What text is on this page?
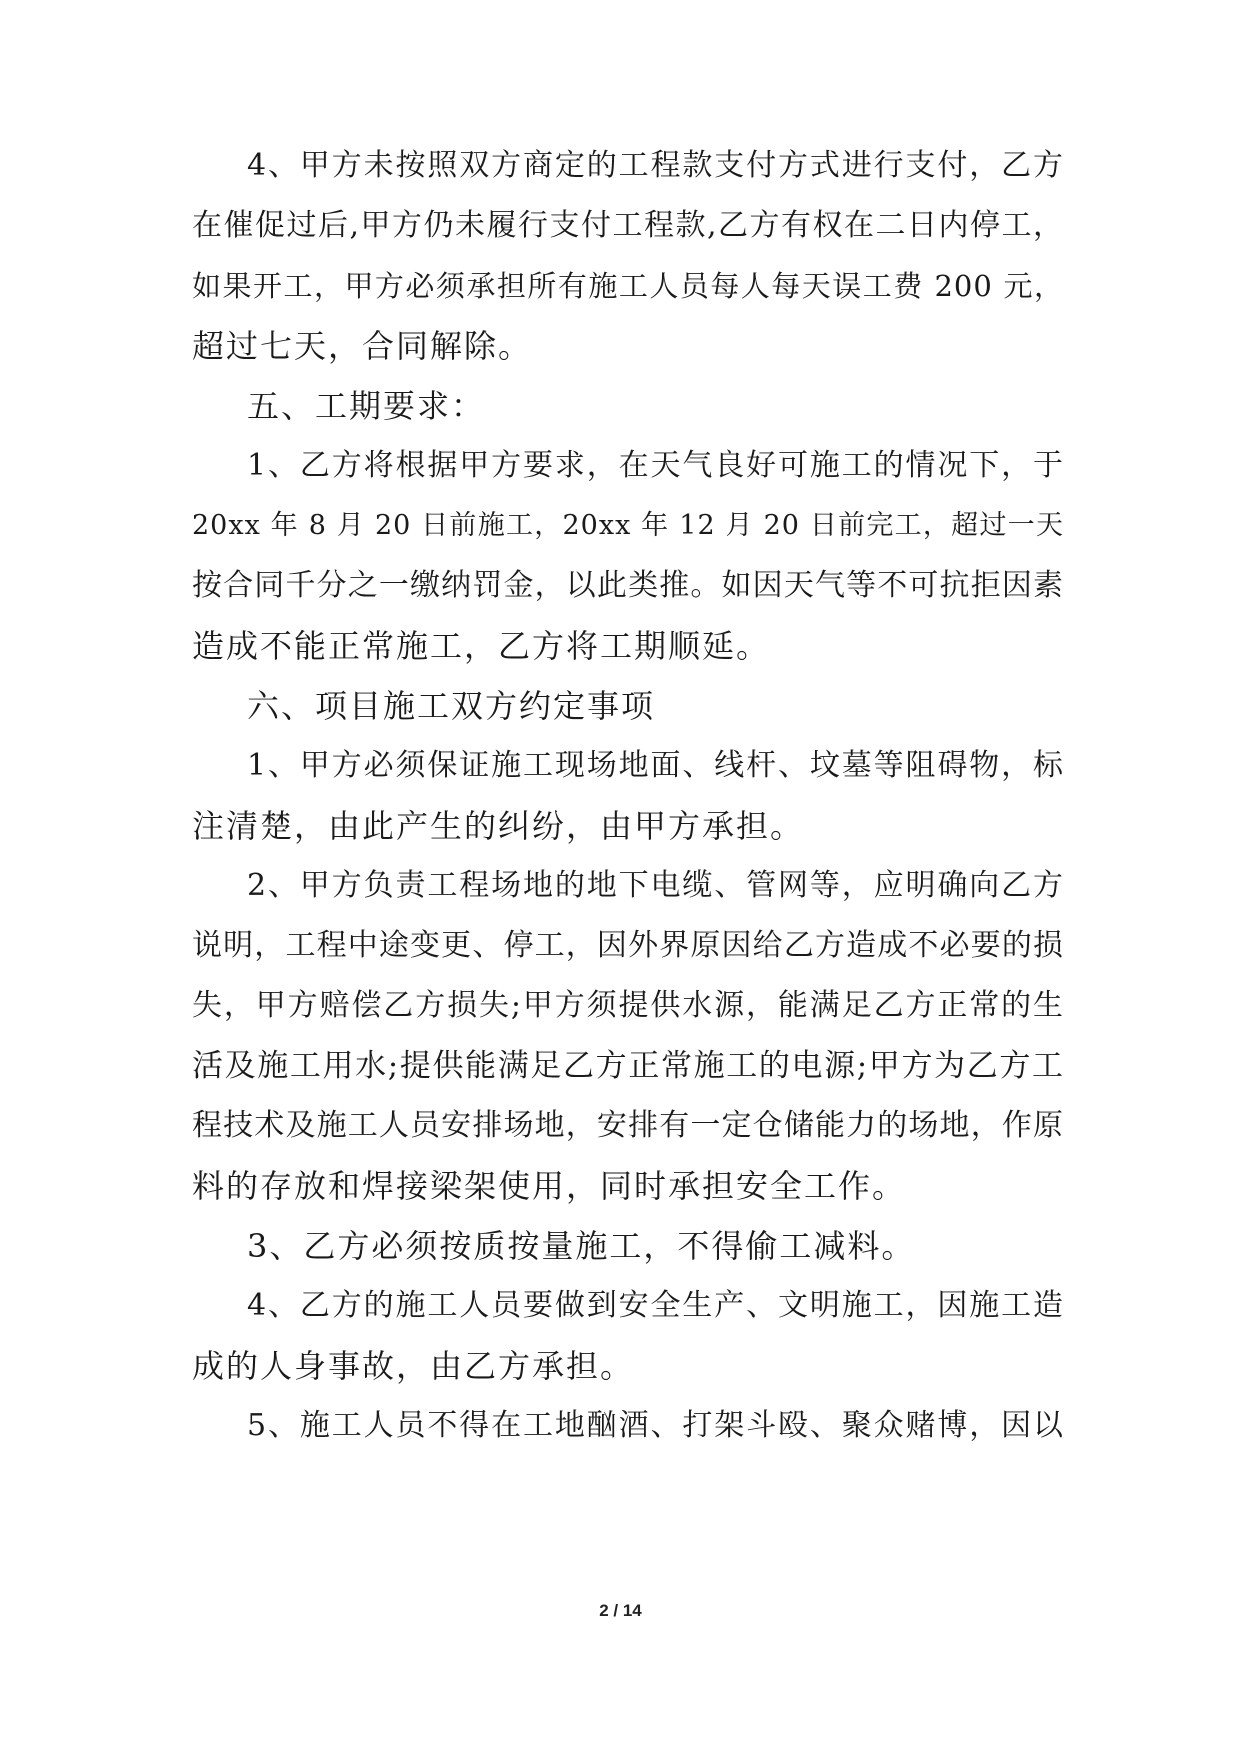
4、甲方未按照双方商定的工程款支付方式进行支付，乙方
在催促过后,甲方仍未履行支付工程款,乙方有权在二日内停工，
如果开工，甲方必须承担所有施工人员每人每天误工费 200 元，
超过七天，合同解除。
五、工期要求：
1、乙方将根据甲方要求，在天气良好可施工的情况下，于
20xx 年 8 月 20 日前施工，20xx 年 12 月 20 日前完工，超过一天
按合同千分之一缴纳罚金，以此类推。如因天气等不可抗拒因素
造成不能正常施工，乙方将工期顺延。
六、项目施工双方约定事项
1、甲方必须保证施工现场地面、线杆、坟墓等阻碍物，标
注清楚，由此产生的纠纷，由甲方承担。
2、甲方负责工程场地的地下电缆、管网等，应明确向乙方
说明，工程中途变更、停工，因外界原因给乙方造成不必要的损
失，甲方赔偿乙方损失;甲方须提供水源，能满足乙方正常的生
活及施工用水;提供能满足乙方正常施工的电源;甲方为乙方工
程技术及施工人员安排场地，安排有一定仓储能力的场地，作原
料的存放和焊接梁架使用，同时承担安全工作。
3、乙方必须按质按量施工，不得偷工减料。
4、乙方的施工人员要做到安全生产、文明施工，因施工造
成的人身事故，由乙方承担。
5、施工人员不得在工地酗酒、打架斗殴、聚众赌博，因以
2 / 14
